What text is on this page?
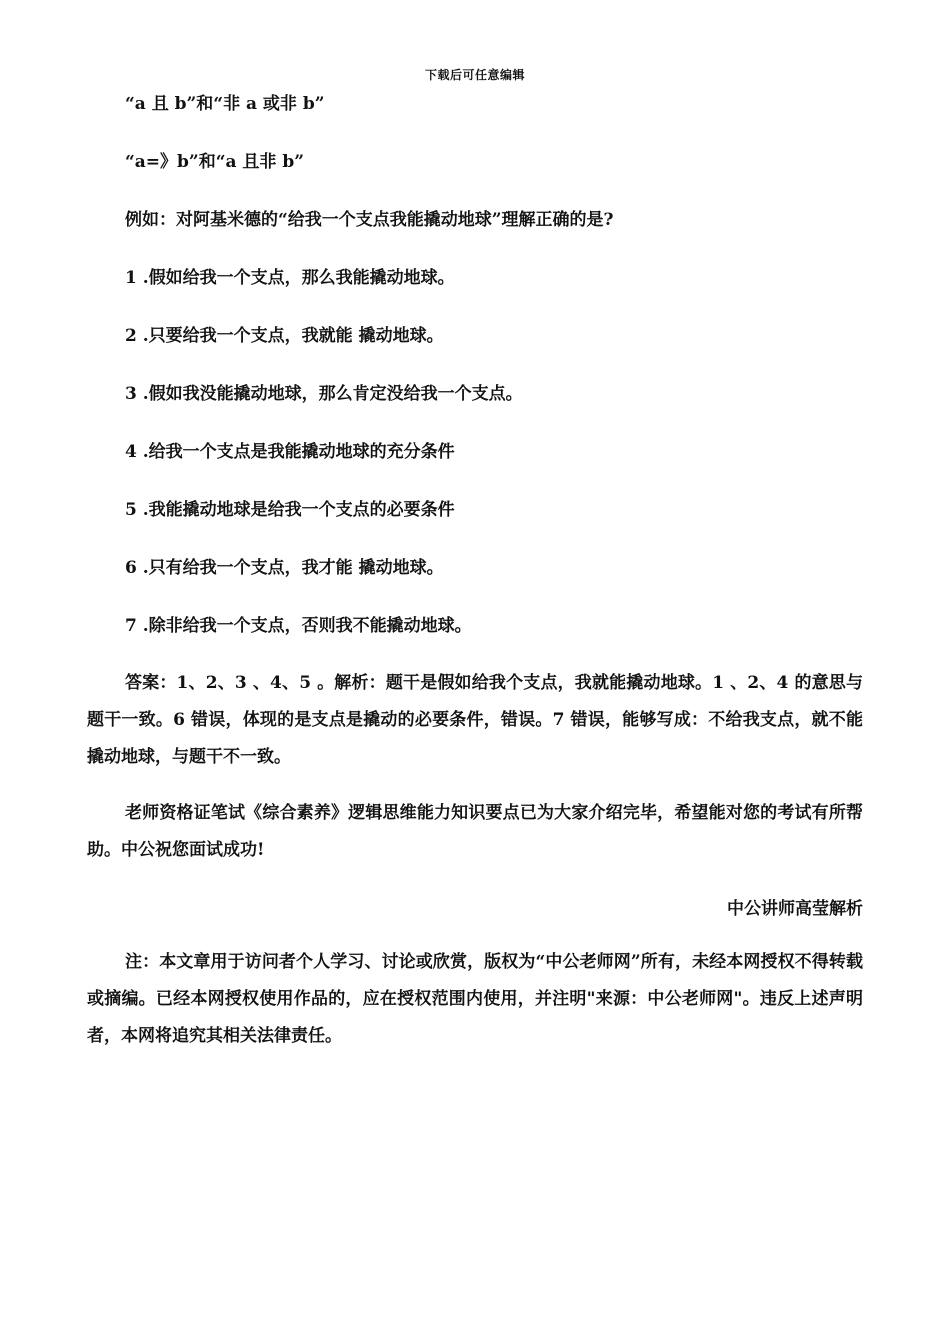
下载后可任意编辑

“a 且 b”和“非 a 或非 b”

“a=》b”和“a 且非 b”

例如：对阿基米德的“给我一个支点我能撬动地球”理解正确的是?

1 .假如给我一个支点，那么我能撬动地球。

2 .只要给我一个支点，我就能 撬动地球。

3 .假如我没能撬动地球，那么肯定没给我一个支点。

4 .给我一个支点是我能撬动地球的充分条件

5 .我能撬动地球是给我一个支点的必要条件

6 .只有给我一个支点，我才能 撬动地球。

7 .除非给我一个支点，否则我不能撬动地球。

答案：1、2、3 、4、5 。解析：题干是假如给我个支点，我就能撬动地球。1 、2、4 的意思与题干一致。6 错误，体现的是支点是撬动的必要条件，错误。7 错误，能够写成：不给我支点，就不能撬动地球，与题干不一致。

老师资格证笔试《综合素养》逻辑思维能力知识要点已为大家介绍完毕，希望能对您的考试有所帮助。中公祝您面试成功!

中公讲师高莹解析

注：本文章用于访问者个人学习、讨论或欣赏，版权为“中公老师网”所有，未经本网授权不得转载或摘编。已经本网授权使用作品的，应在授权范围内使用，并注明"来源：中公老师网"。违反上述声明者，本网将追究其相关法律责任。
